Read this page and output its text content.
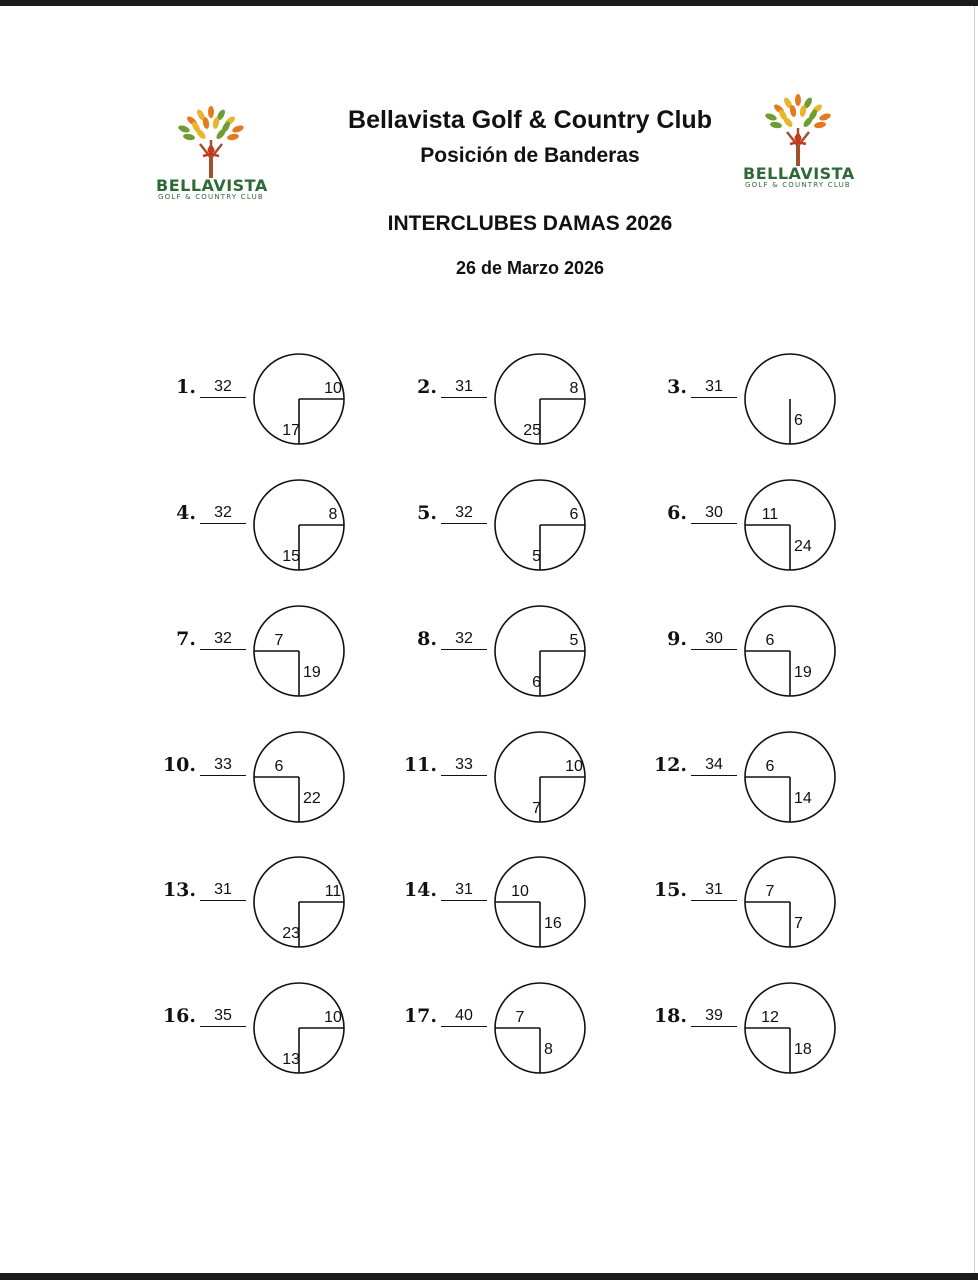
BELLAVISTA
GOLF & COUNTRY CLUB
BELLAVISTA
GOLF & COUNTRY CLUB
Bellavista Golf & Country Club
Posición de Banderas
INTERCLUBES DAMAS 2026
26 de Marzo 2026
1.	32	10
17
2.	31	8
25
3.	31
6
4.	32	8
15
5.	32	6
5
6.	30	11
24
7.	32	7
19
8.	32	5
6
9.	30	6
19
10.	33	6
22
11.	33	10
7
12.	34	6
14
13.	31	11
23
14.	31	10
16
15.	31	7
7
16.	35	10
13
17.	40	7
8
18.	39	12
18
